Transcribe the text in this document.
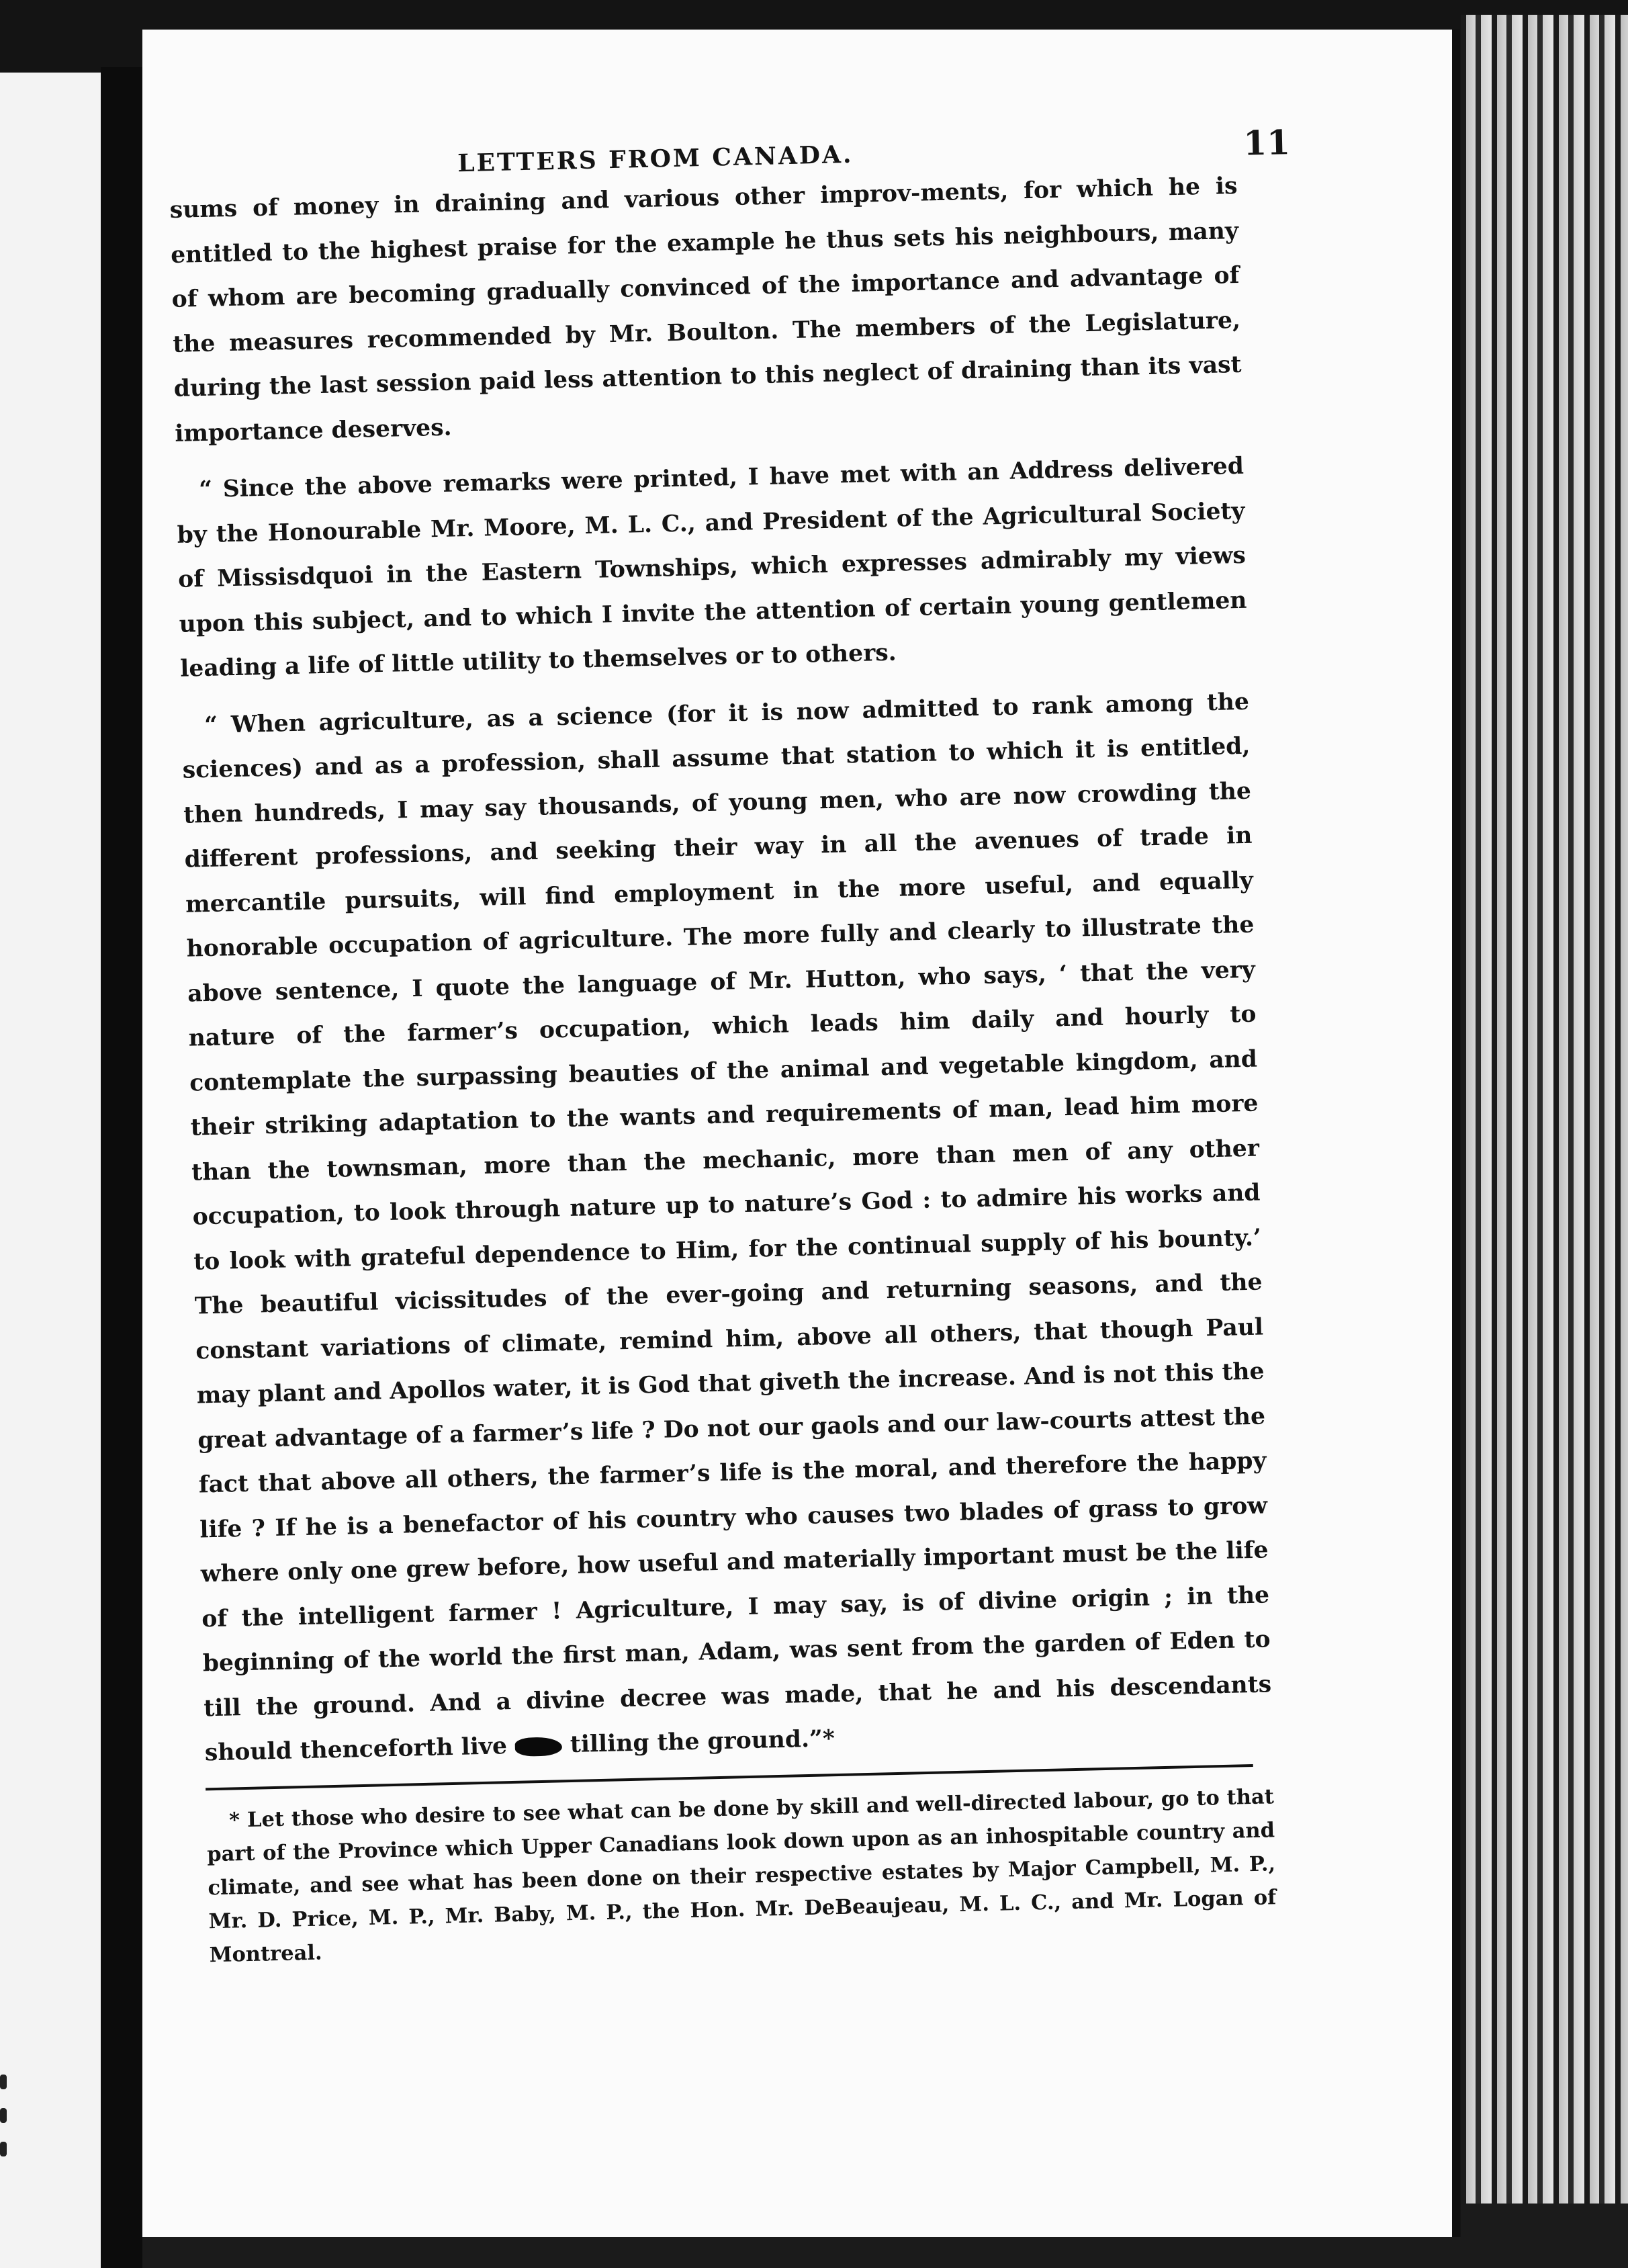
LETTERS FROM CANADA.	11

sums of money in draining and various other improv-ments, for which he is entitled to the highest praise for the example he thus sets his neighbours, many of whom are becoming gradually convinced of the importance and advantage of the measures recommended by Mr. Boulton. The members of the Legislature, during the last session paid less attention to this neglect of draining than its vast importance deserves.

“ Since the above remarks were printed, I have met with an Address delivered by the Honourable Mr. Moore, M. L. C., and President of the Agricultural Society of Missisdquoi in the Eastern Townships, which expresses admirably my views upon this subject, and to which I invite the attention of certain young gentlemen leading a life of little utility to themselves or to others.

“ When agriculture, as a science (for it is now admitted to rank among the sciences) and as a profession, shall assume that station to which it is entitled, then hundreds, I may say thousands, of young men, who are now crowding the different professions, and seeking their way in all the avenues of trade in mercantile pursuits, will find employment in the more useful, and equally honorable occupation of agriculture. The more fully and clearly to illustrate the above sentence, I quote the language of Mr. Hutton, who says, ‘ that the very nature of the farmer’s occupation, which leads him daily and hourly to contemplate the surpassing beauties of the animal and vegetable kingdom, and their striking adaptation to the wants and requirements of man, lead him more than the townsman, more than the mechanic, more than men of any other occupation, to look through nature up to nature’s God : to admire his works and to look with grateful dependence to Him, for the continual supply of his bounty.’ The beautiful vicissitudes of the ever-going and returning seasons, and the constant variations of climate, remind him, above all others, that though Paul may plant and Apollos water, it is God that giveth the increase. And is not this the great advantage of a farmer’s life ? Do not our gaols and our law-courts attest the fact that above all others, the farmer’s life is the moral, and therefore the happy life ? If he is a benefactor of his country who causes two blades of grass to grow where only one grew before, how useful and materially important must be the life of the intelligent farmer ! Agriculture, I may say, is of divine origin ; in the beginning of the world the first man, Adam, was sent from the garden of Eden to till the ground. And a divine decree was made, that he and his descendants should thenceforth live	tilling the ground.”*

* Let those who desire to see what can be done by skill and well-directed labour, go to that part of the Province which Upper Canadians look down upon as an inhospitable country and climate, and see what has been done on their respective estates by Major Campbell, M. P., Mr. D. Price, M. P., Mr. Baby, M. P., the Hon. Mr. DeBeaujeau, M. L. C., and Mr. Logan of Montreal.
